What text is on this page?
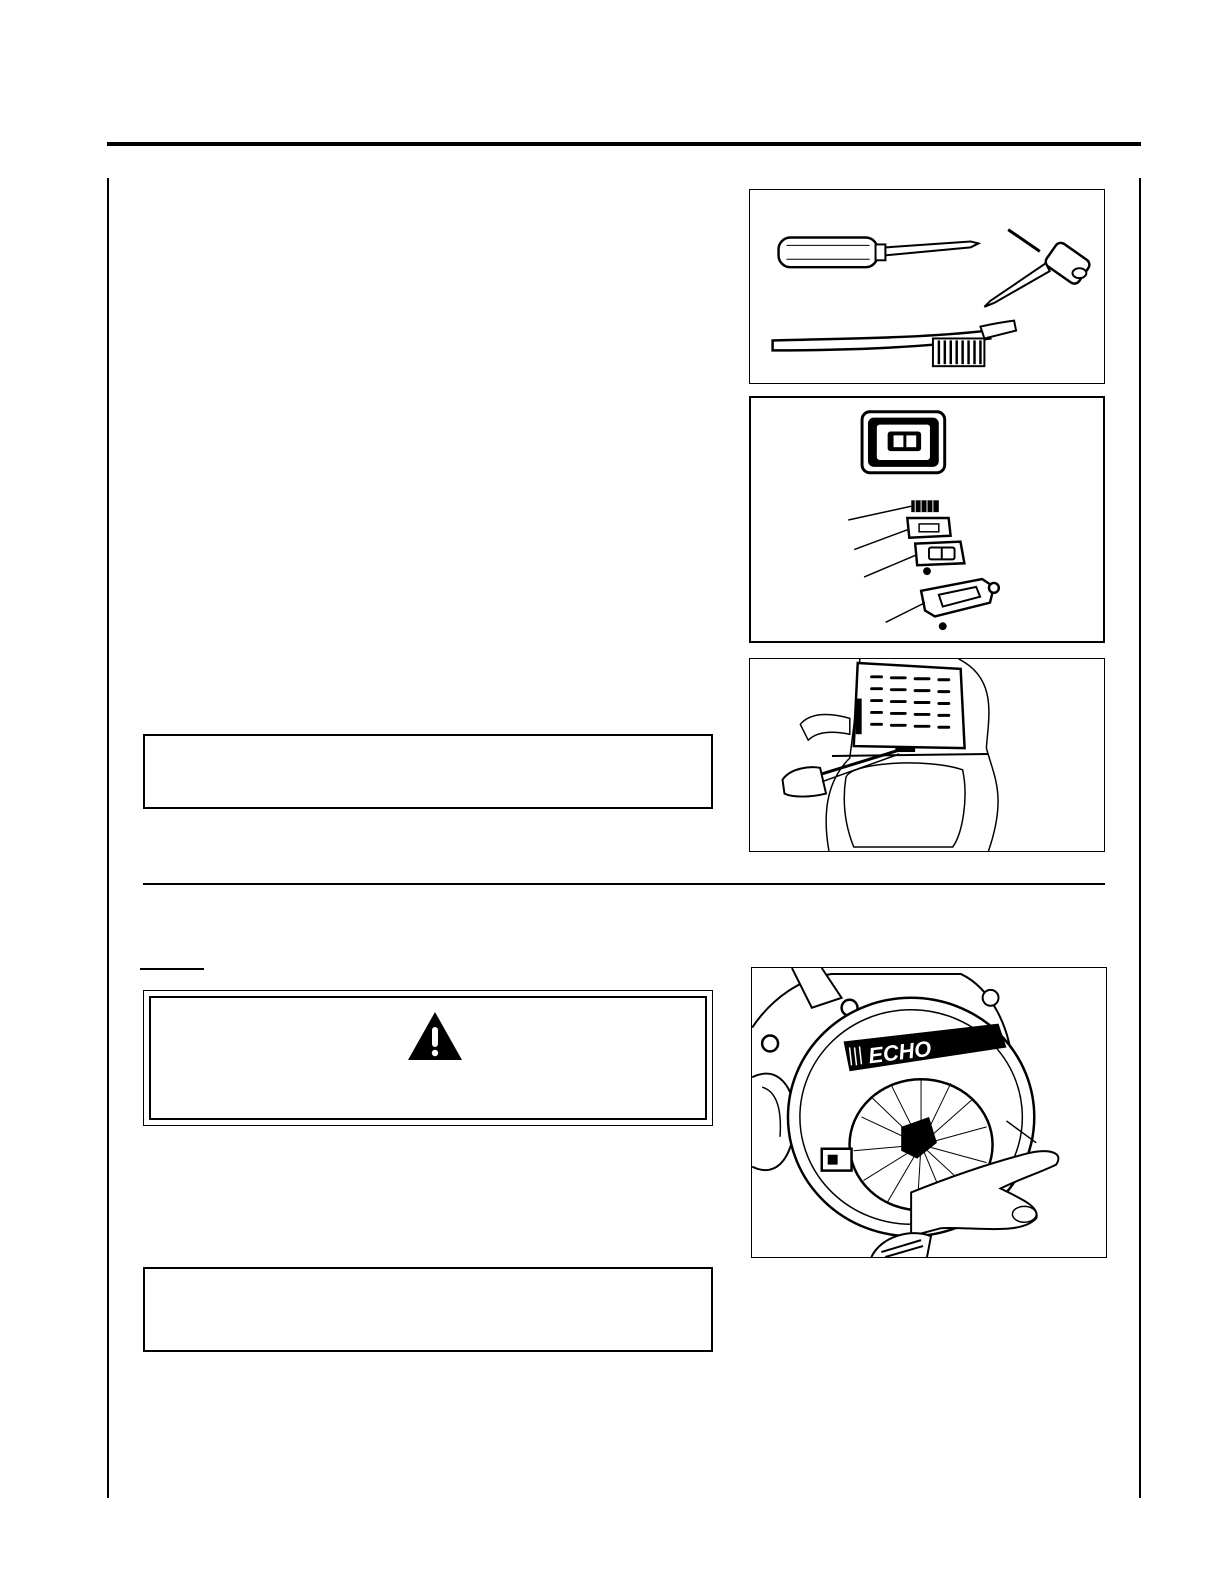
ECHO
